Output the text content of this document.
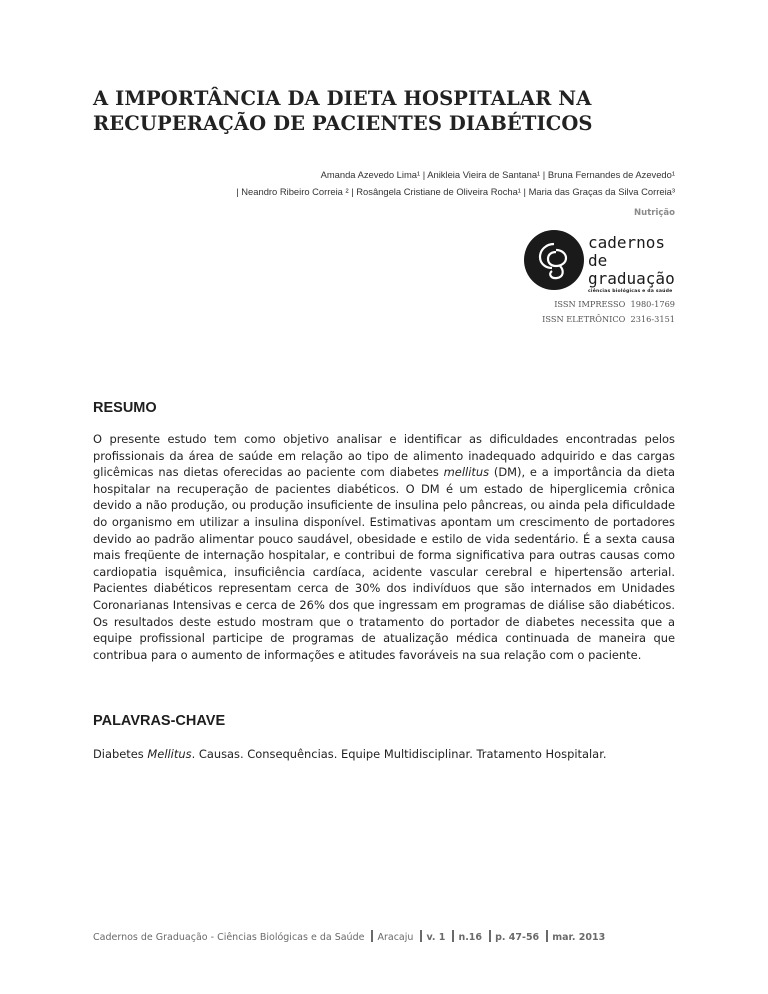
A IMPORTÂNCIA DA DIETA HOSPITALAR NA
RECUPERAÇÃO DE PACIENTES DIABÉTICOS
Amanda Azevedo Lima¹ | Anikleia Vieira de Santana¹ | Bruna Fernandes de Azevedo¹
| Neandro Ribeiro Correia ² | Rosângela Cristiane de Oliveira Rocha¹ | Maria das Graças da Silva Correia³
Nutrição
cadernos de
graduação
ciências biológicas e da saúde
ISSN IMPRESSO 1980-1769
ISSN ELETRÔNICO 2316-3151
RESUMO

O presente estudo tem como objetivo analisar e identificar as dificuldades encontradas pelos profissionais da área de saúde em relação ao tipo de alimento inadequado adquirido e das cargas glicêmicas nas dietas oferecidas ao paciente com diabetes mellitus (DM), e a importância da dieta hospitalar na recuperação de pacientes diabéticos. O DM é um estado de hiperglicemia crônica devido a não produção, ou produção insuficiente de insulina pelo pâncreas, ou ainda pela dificuldade do organismo em utilizar a insulina disponível. Estimativas apontam um crescimento de portadores devido ao padrão alimentar pouco saudável, obesidade e estilo de vida sedentário. É a sexta causa mais freqüente de internação hospitalar, e contribui de forma significativa para outras causas como cardiopatia isquêmica, insuficiência cardíaca, acidente vascular cerebral e hipertensão arterial. Pacientes diabéticos representam cerca de 30% dos indivíduos que são internados em Unidades Coronarianas Intensivas e cerca de 26% dos que ingressam em programas de diálise são diabéticos. Os resultados deste estudo mostram que o tratamento do portador de diabetes necessita que a equipe profissional participe de programas de atualização médica continuada de maneira que contribua para o aumento de informações e atitudes favoráveis na sua relação com o paciente.

PALAVRAS-CHAVE

Diabetes Mellitus. Causas. Consequências. Equipe Multidisciplinar. Tratamento Hospitalar.

Cadernos de Graduação - Ciências Biológicas e da Saúde Aracaju v. 1 n.16 p. 47-56 mar. 2013
